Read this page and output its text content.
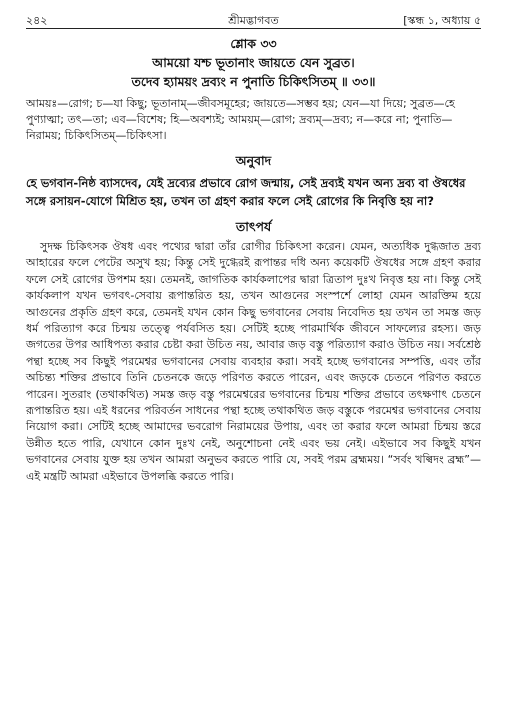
২৪২	শ্রীমদ্ভাগবত	[স্কন্ধ ১, অধ্যায় ৫
শ্লোক ৩৩
আময়ো যশ্চ ভূতানাং জায়তে যেন সুব্রত।
তদেব হ্যাময়ং দ্রব্যং ন পুনাতি চিকিৎসিতম্ ॥ ৩৩॥

আময়ঃ—রোগ; চ—যা কিছু; ভূতানাম্—জীবসমূহের; জায়তে—সম্ভব হয়; যেন—যা দিয়ে; সুব্রত—হে পুণ্যাত্মা; তৎ—তা; এব—বিশেষ; হি—অবশ্যই; আময়ম্—রোগ; দ্রব্যম্—দ্রব্য; ন—করে না; পুনাতি—নিরাময়; চিকিৎসিতম্—চিকিৎসা।

অনুবাদ

হে ভগবান-নিষ্ঠ ব্যাসদেব, যেই দ্রব্যের প্রভাবে রোগ জন্মায়, সেই দ্রব্যই যখন অন্য দ্রব্য বা ঔষধের সঙ্গে রসায়ন-যোগে মিশ্রিত হয়, তখন তা গ্রহণ করার ফলে সেই রোগের কি নিবৃত্তি হয় না?

তাৎপর্য

সুদক্ষ চিকিৎসক ঔষধ এবং পথ্যের দ্বারা তাঁর রোগীর চিকিৎসা করেন। যেমন, অত্যধিক দুগ্ধজাত দ্রব্য আহারের ফলে পেটের অসুখ হয়; কিন্তু সেই দুগ্ধেরই রূপান্তর দধি অন্য কয়েকটি ঔষধের সঙ্গে গ্রহণ করার ফলে সেই রোগের উপশম হয়। তেমনই, জাগতিক কার্যকলাপের দ্বারা ত্রিতাপ দুঃখ নিবৃত্ত হয় না। কিন্তু সেই কার্যকলাপ যখন ভগবৎ-সেবায় রূপান্তরিত হয়, তখন আগুনের সংস্পর্শে লোহা যেমন আরক্তিম হয়ে আগুনের প্রকৃতি গ্রহণ করে, তেমনই যখন কোন কিছু ভগবানের সেবায় নিবেদিত হয় তখন তা সমস্ত জড় ধর্ম পরিত্যাগ করে চিন্ময় তত্ত্বে পর্যবসিত হয়। সেটিই হচ্ছে পারমার্থিক জীবনে সাফল্যের রহস্য। জড় জগতের উপর আধিপত্য করার চেষ্টা করা উচিত নয়, আবার জড় বস্তু পরিত্যাগ করাও উচিত নয়। সর্বশ্রেষ্ঠ পন্থা হচ্ছে সব কিছুই পরমেশ্বর ভগবানের সেবায় ব্যবহার করা। সবই হচ্ছে ভগবানের সম্পত্তি, এবং তাঁর অচিন্ত্য শক্তির প্রভাবে তিনি চেতনকে জড়ে পরিণত করতে পারেন, এবং জড়কে চেতনে পরিণত করতে পারেন। সুতরাং (তথাকথিত) সমস্ত জড় বস্তু পরমেশ্বরের ভগবানের চিন্ময় শক্তির প্রভাবে তৎক্ষণাৎ চেতনে রূপান্তরিত হয়। এই ধরনের পরিবর্তন সাধনের পন্থা হচ্ছে তথাকথিত জড় বস্তুকে পরমেশ্বর ভগবানের সেবায় নিয়োগ করা। সেটিই হচ্ছে আমাদের ভবরোগ নিরাময়ের উপায়, এবং তা করার ফলে আমরা চিন্ময় স্তরে উন্নীত হতে পারি, যেখানে কোন দুঃখ নেই, অনুশোচনা নেই এবং ভয় নেই। এইভাবে সব কিছুই যখন ভগবানের সেবায় যুক্ত হয় তখন আমরা অনুভব করতে পারি যে, সবই পরম ব্রহ্মময়। “সর্বং খল্বিদং ব্রহ্ম”—এই মন্ত্রটি আমরা এইভাবে উপলব্ধি করতে পারি।
